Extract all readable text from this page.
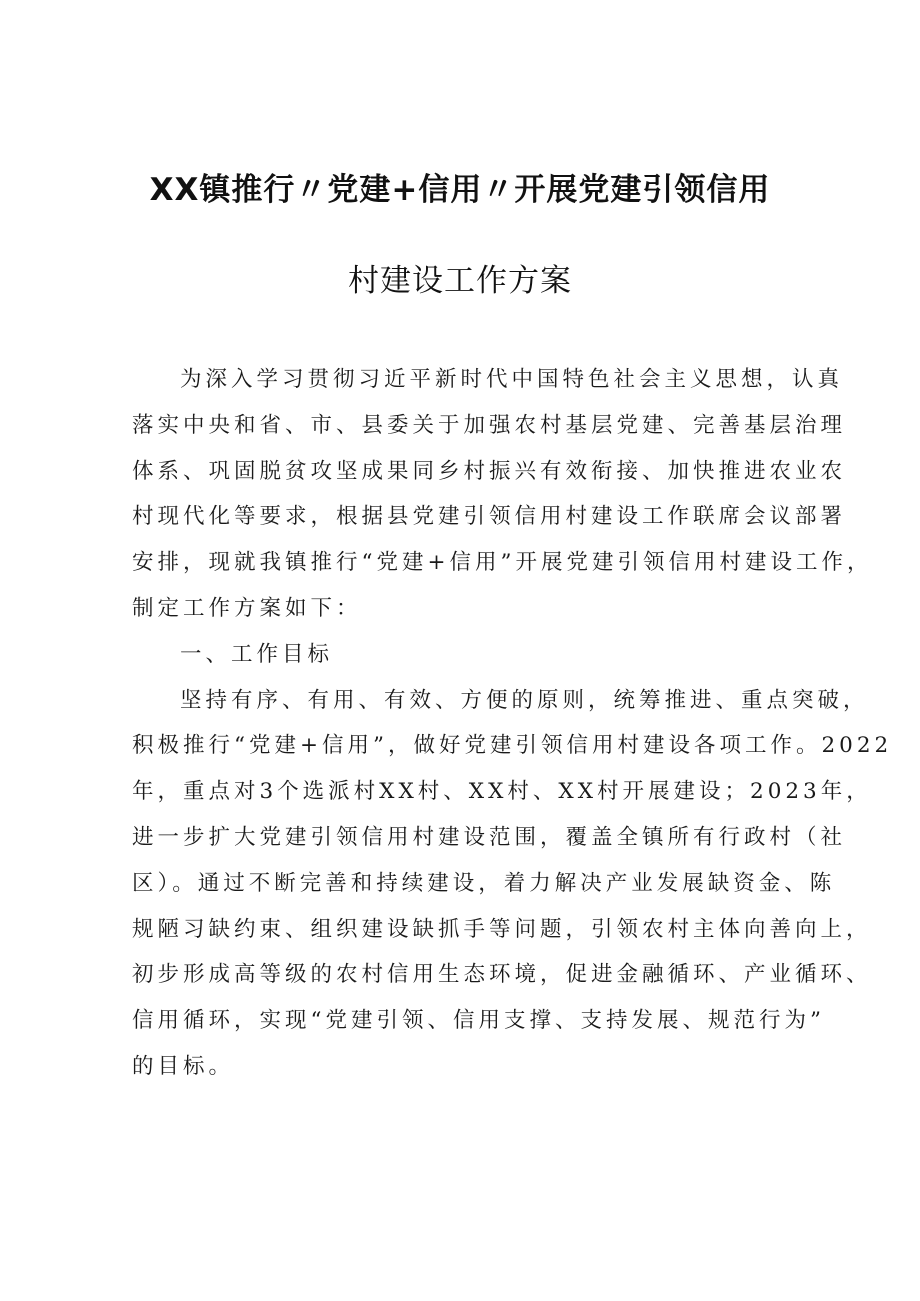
XX镇推行〃党建+信用〃开展党建引领信用
村建设工作方案
为深入学习贯彻习近平新时代中国特色社会主义思想，认真
落实中央和省、市、县委关于加强农村基层党建、完善基层治理
体系、巩固脱贫攻坚成果同乡村振兴有效衔接、加快推进农业农
村现代化等要求，根据县党建引领信用村建设工作联席会议部署
安排，现就我镇推行“党建+信用”开展党建引领信用村建设工作，
制定工作方案如下：
一、工作目标
坚持有序、有用、有效、方便的原则，统筹推进、重点突破，
积极推行“党建+信用”，做好党建引领信用村建设各项工作。2022
年，重点对3个选派村XX村、XX村、XX村开展建设；2023年，
进一步扩大党建引领信用村建设范围，覆盖全镇所有行政村（社
区）。通过不断完善和持续建设，着力解决产业发展缺资金、陈
规陋习缺约束、组织建设缺抓手等问题，引领农村主体向善向上，
初步形成高等级的农村信用生态环境，促进金融循环、产业循环、
信用循环，实现“党建引领、信用支撑、支持发展、规范行为”
的目标。
